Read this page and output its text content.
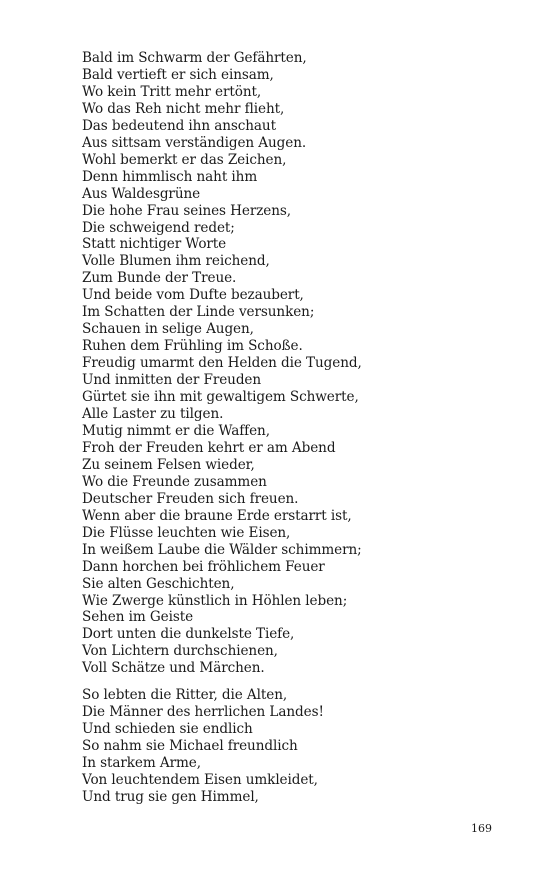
Bald im Schwarm der Gefährten,
Bald vertieft er sich einsam,
Wo kein Tritt mehr ertönt,
Wo das Reh nicht mehr flieht,
Das bedeutend ihn anschaut
Aus sittsam verständigen Augen.
Wohl bemerkt er das Zeichen,
Denn himmlisch naht ihm
Aus Waldesgrüne
Die hohe Frau seines Herzens,
Die schweigend redet;
Statt nichtiger Worte
Volle Blumen ihm reichend,
Zum Bunde der Treue.
Und beide vom Dufte bezaubert,
Im Schatten der Linde versunken;
Schauen in selige Augen,
Ruhen dem Frühling im Schoße.
Freudig umarmt den Helden die Tugend,
Und inmitten der Freuden
Gürtet sie ihn mit gewaltigem Schwerte,
Alle Laster zu tilgen.
Mutig nimmt er die Waffen,
Froh der Freuden kehrt er am Abend
Zu seinem Felsen wieder,
Wo die Freunde zusammen
Deutscher Freuden sich freuen.
Wenn aber die braune Erde erstarrt ist,
Die Flüsse leuchten wie Eisen,
In weißem Laube die Wälder schimmern;
Dann horchen bei fröhlichem Feuer
Sie alten Geschichten,
Wie Zwerge künstlich in Höhlen leben;
Sehen im Geiste
Dort unten die dunkelste Tiefe,
Von Lichtern durchschienen,
Voll Schätze und Märchen.
So lebten die Ritter, die Alten,
Die Männer des herrlichen Landes!
Und schieden sie endlich
So nahm sie Michael freundlich
In starkem Arme,
Von leuchtendem Eisen umkleidet,
Und trug sie gen Himmel,
169
